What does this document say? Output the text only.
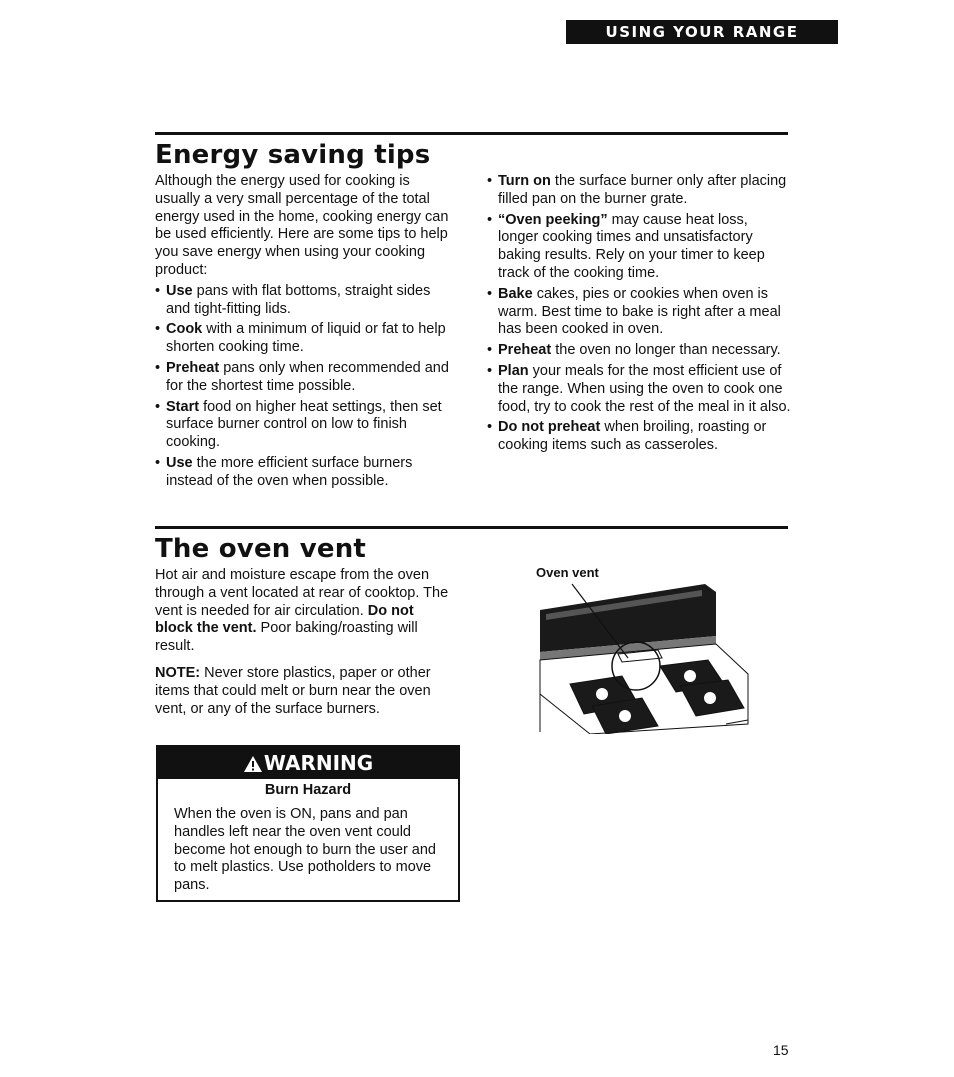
USING YOUR RANGE
Energy saving tips

Although the energy used for cooking is usually a very small percentage of the total energy used in the home, cooking energy can be used efficiently. Here are some tips to help you save energy when using your cooking product:

• Use pans with flat bottoms, straight sides and tight-fitting lids.
• Cook with a minimum of liquid or fat to help shorten cooking time.
• Preheat pans only when recommended and for the shortest time possible.
• Start food on higher heat settings, then set surface burner control on low to finish cooking.
• Use the more efficient surface burners instead of the oven when possible.
• Turn on the surface burner only after placing filled pan on the burner grate.
• “Oven peeking” may cause heat loss, longer cooking times and unsatisfactory baking results. Rely on your timer to keep track of the cooking time.
• Bake cakes, pies or cookies when oven is warm. Best time to bake is right after a meal has been cooked in oven.
• Preheat the oven no longer than necessary.
• Plan your meals for the most efficient use of the range. When using the oven to cook one food, try to cook the rest of the meal in it also.
• Do not preheat when broiling, roasting or cooking items such as casseroles.
The oven vent

Hot air and moisture escape from the oven through a vent located at rear of cooktop. The vent is needed for air circulation. Do not block the vent. Poor baking/roasting will result.

NOTE: Never store plastics, paper or other items that could melt or burn near the oven vent, or any of the surface burners.

Oven vent
WARNING
Burn Hazard
When the oven is ON, pans and pan handles left near the oven vent could become hot enough to burn the user and to melt plastics. Use potholders to move pans.
15
